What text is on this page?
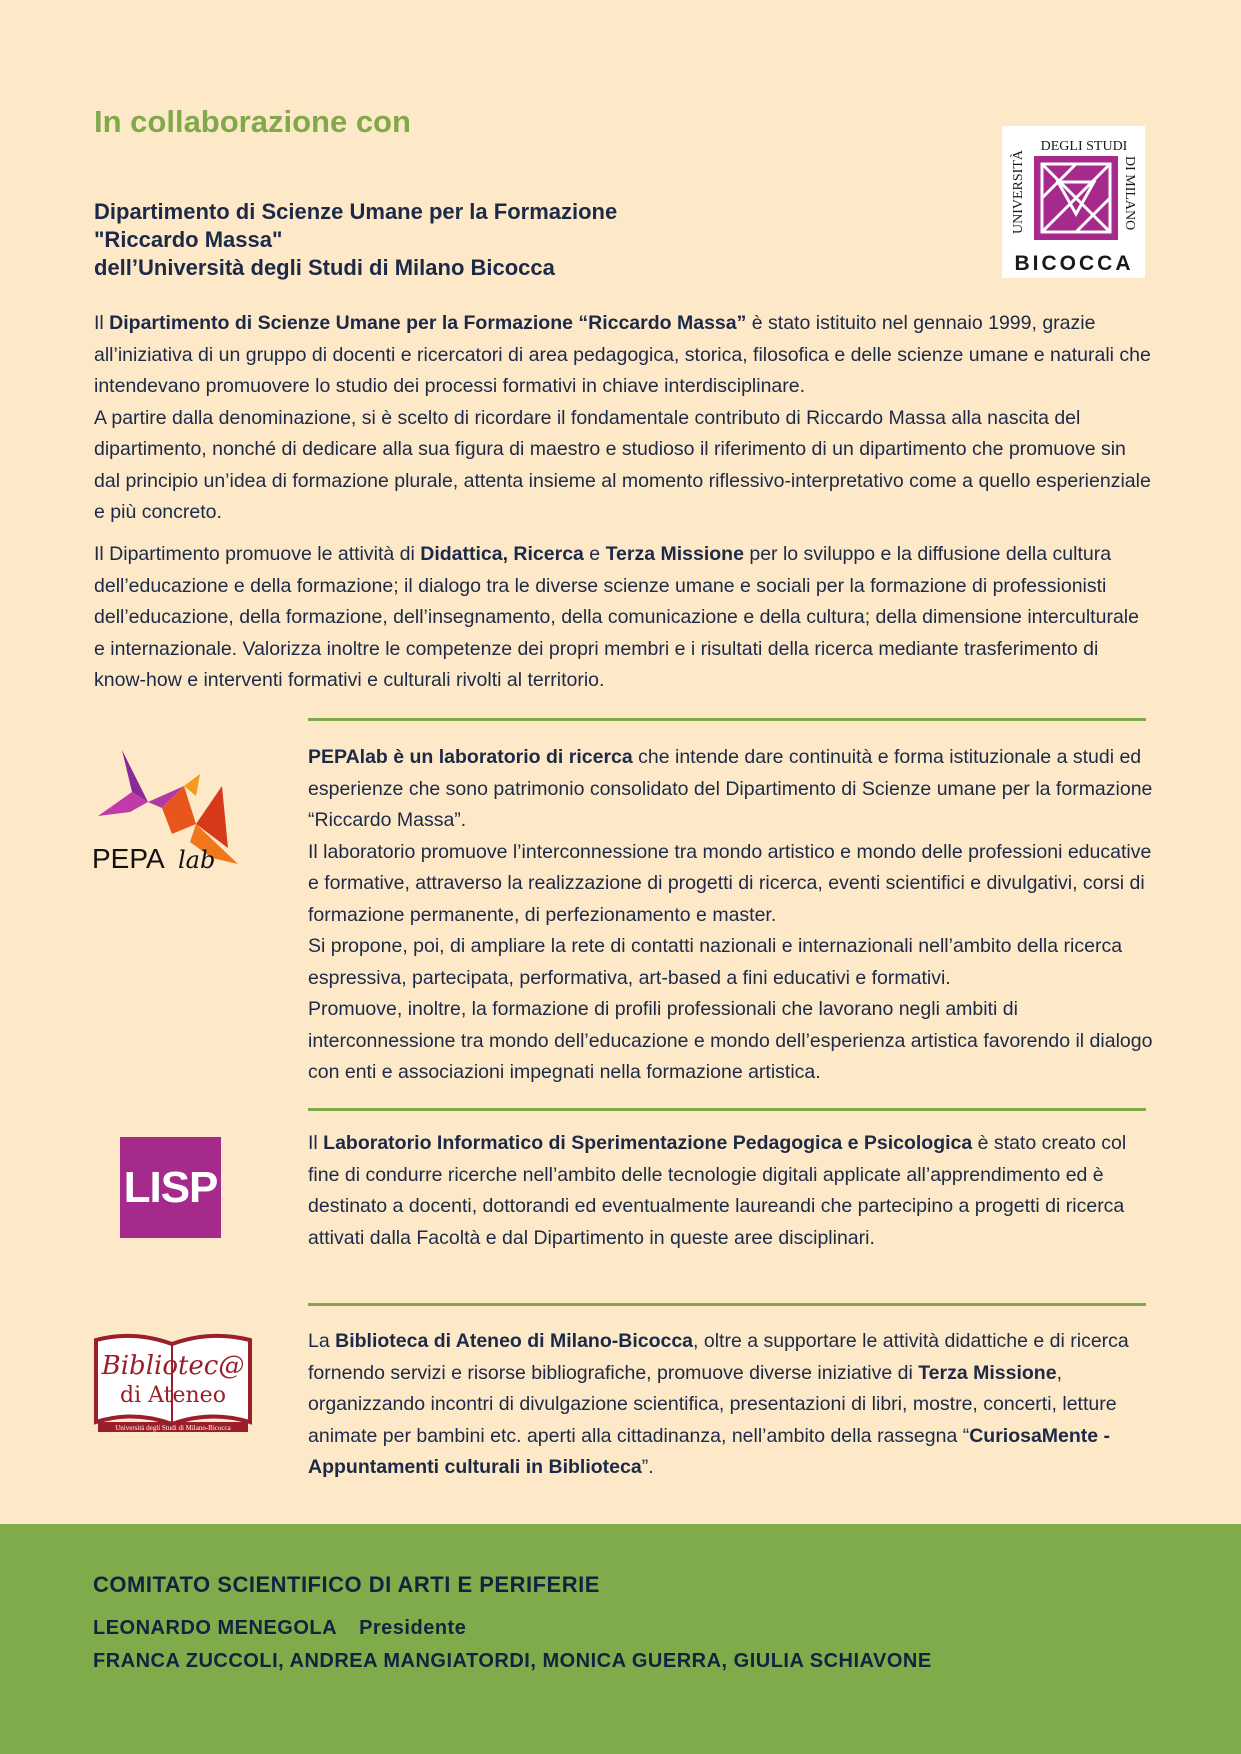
In collaborazione con
Dipartimento di Scienze Umane per la Formazione
"Riccardo Massa"
dell’Università degli Studi di Milano Bicocca
DEGLI STUDI
UNIVERSITÀ	DI MILANO
BICOCCA
Il Dipartimento di Scienze Umane per la Formazione “Riccardo Massa” è stato istituito nel gennaio 1999, grazie all’iniziativa di un gruppo di docenti e ricercatori di area pedagogica, storica, filosofica e delle scienze umane e naturali che intendevano promuovere lo studio dei processi formativi in chiave interdisciplinare.
A partire dalla denominazione, si è scelto di ricordare il fondamentale contributo di Riccardo Massa alla nascita del dipartimento, nonché di dedicare alla sua figura di maestro e studioso il riferimento di un dipartimento che promuove sin dal principio un’idea di formazione plurale, attenta insieme al momento riflessivo-interpretativo come a quello esperienziale e più concreto.
Il Dipartimento promuove le attività di Didattica, Ricerca e Terza Missione per lo sviluppo e la diffusione della cultura dell’educazione e della formazione; il dialogo tra le diverse scienze umane e sociali per la formazione di professionisti dell’educazione, della formazione, dell’insegnamento, della comunicazione e della cultura; della dimensione interculturale e internazionale. Valorizza inoltre le competenze dei propri membri e i risultati della ricerca mediante trasferimento di know-how e interventi formativi e culturali rivolti al territorio.
PEPA lab
PEPAlab è un laboratorio di ricerca che intende dare continuità e forma istituzionale a studi ed esperienze che sono patrimonio consolidato del Dipartimento di Scienze umane per la formazione “Riccardo Massa”.
Il laboratorio promuove l’interconnessione tra mondo artistico e mondo delle professioni educative e formative, attraverso la realizzazione di progetti di ricerca, eventi scientifici e divulgativi, corsi di formazione permanente, di perfezionamento e master.
Si propone, poi, di ampliare la rete di contatti nazionali e internazionali nell’ambito della ricerca espressiva, partecipata, performativa, art-based a fini educativi e formativi.
Promuove, inoltre, la formazione di profili professionali che lavorano negli ambiti di interconnessione tra mondo dell’educazione e mondo dell’esperienza artistica favorendo il dialogo con enti e associazioni impegnati nella formazione artistica.
LISP
Il Laboratorio Informatico di Sperimentazione Pedagogica e Psicologica è stato creato col fine di condurre ricerche nell’ambito delle tecnologie digitali applicate all’apprendimento ed è destinato a docenti, dottorandi ed eventualmente laureandi che partecipino a progetti di ricerca attivati dalla Facoltà e dal Dipartimento in queste aree disciplinari.
Bibliotec@
di Ateneo
Università degli Studi di Milano-Bicocca
La Biblioteca di Ateneo di Milano-Bicocca, oltre a supportare le attività didattiche e di ricerca fornendo servizi e risorse bibliografiche, promuove diverse iniziative di Terza Missione, organizzando incontri di divulgazione scientifica, presentazioni di libri, mostre, concerti, letture animate per bambini etc. aperti alla cittadinanza, nell’ambito della rassegna “CuriosaMente - Appuntamenti culturali in Biblioteca”.
COMITATO SCIENTIFICO DI ARTI E PERIFERIE
LEONARDO MENEGOLA Presidente
FRANCA ZUCCOLI, ANDREA MANGIATORDI, MONICA GUERRA, GIULIA SCHIAVONE
